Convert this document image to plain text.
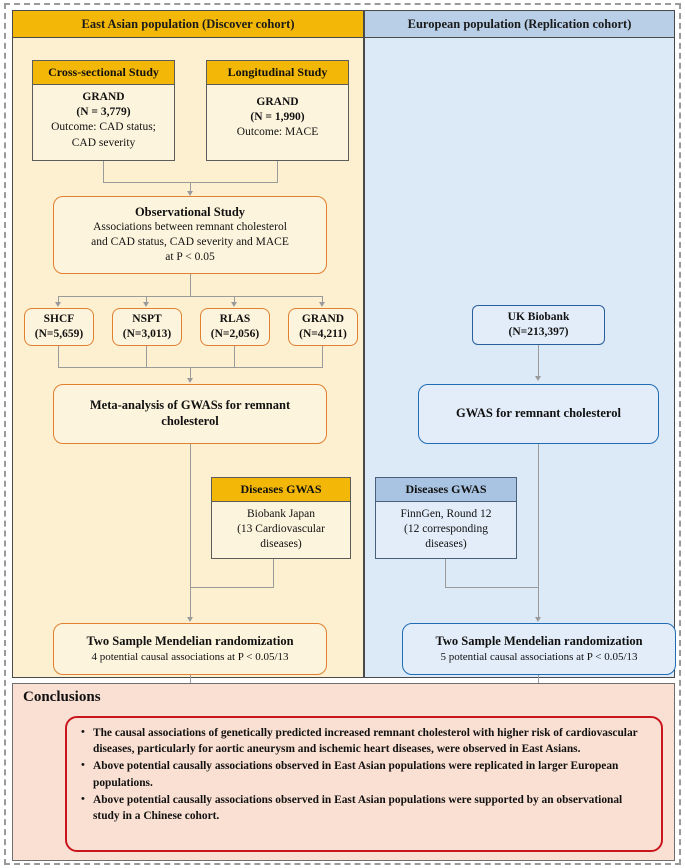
East Asian population (Discover cohort)	European population (Replication cohort)
Cross-sectional Study
GRAND
(N = 3,779)
Outcome: CAD status;
CAD severity
Longitudinal Study
GRAND
(N = 1,990)
Outcome: MACE
Observational Study
Associations between remnant cholesterol
and CAD status, CAD severity and MACE
at P < 0.05
SHCF
(N=5,659)
NSPT
(N=3,013)
RLAS
(N=2,056)
GRAND
(N=4,211)
Meta-analysis of GWASs for remnant
cholesterol
Diseases GWAS
Biobank Japan
(13 Cardiovascular
diseases)
Two Sample Mendelian randomization
4 potential causal associations at P < 0.05/13
UK Biobank
(N=213,397)
GWAS for remnant cholesterol
Diseases GWAS
FinnGen, Round 12
(12 corresponding
diseases)
Two Sample Mendelian randomization
5 potential causal associations at P < 0.05/13
Conclusions
• The causal associations of genetically predicted increased remnant cholesterol with higher risk of cardiovascular diseases, particularly for aortic aneurysm and ischemic heart diseases, were observed in East Asians.
• Above potential causally associations observed in East Asian populations were replicated in larger European populations.
• Above potential causally associations observed in East Asian populations were supported by an observational study in a Chinese cohort.
